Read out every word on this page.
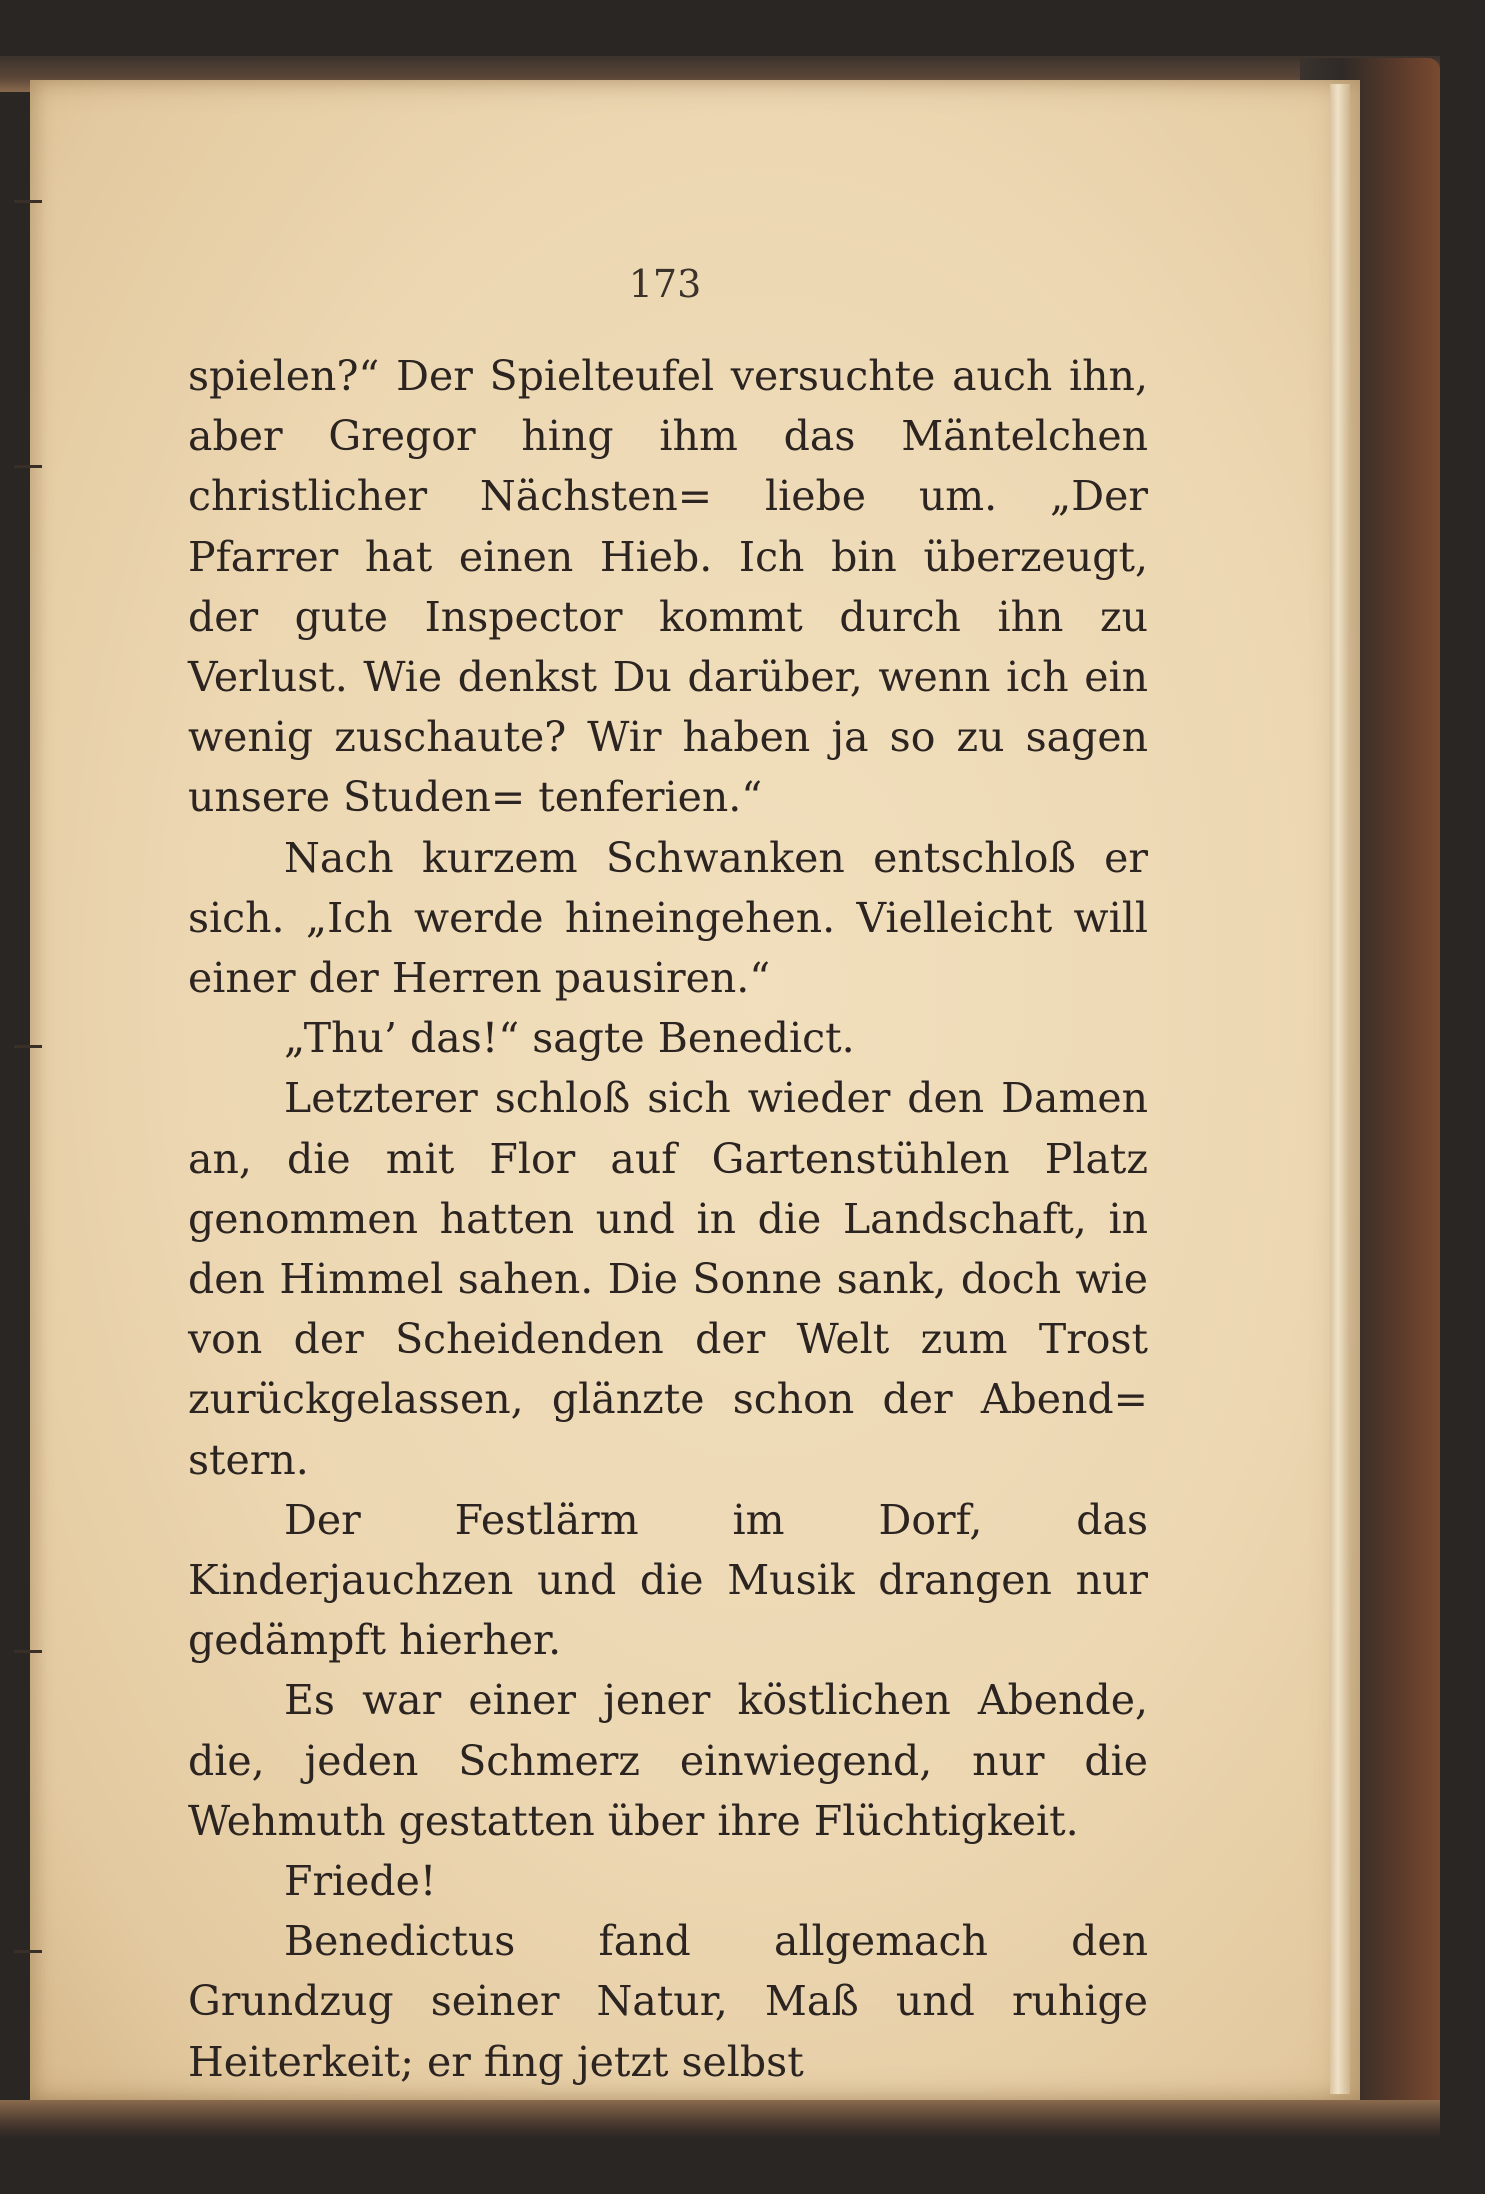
173

spielen?“ Der Spielteufel versuchte auch ihn, aber Gregor hing ihm das Mäntelchen christlicher Nächsten= liebe um. „Der Pfarrer hat einen Hieb. Ich bin überzeugt, der gute Inspector kommt durch ihn zu Verlust. Wie denkst Du darüber, wenn ich ein wenig zuschaute? Wir haben ja so zu sagen unsere Studen= tenferien.“

Nach kurzem Schwanken entschloß er sich. „Ich werde hineingehen. Vielleicht will einer der Herren pausiren.“

„Thu’ das!“ sagte Benedict.

Letzterer schloß sich wieder den Damen an, die mit Flor auf Gartenstühlen Platz genommen hatten und in die Landschaft, in den Himmel sahen. Die Sonne sank, doch wie von der Scheidenden der Welt zum Trost zurückgelassen, glänzte schon der Abend= stern.

Der Festlärm im Dorf, das Kinderjauchzen und die Musik drangen nur gedämpft hierher.

Es war einer jener köstlichen Abende, die, jeden Schmerz einwiegend, nur die Wehmuth gestatten über ihre Flüchtigkeit.

Friede!

Benedictus fand allgemach den Grundzug seiner Natur, Maß und ruhige Heiterkeit; er fing jetzt selbst
